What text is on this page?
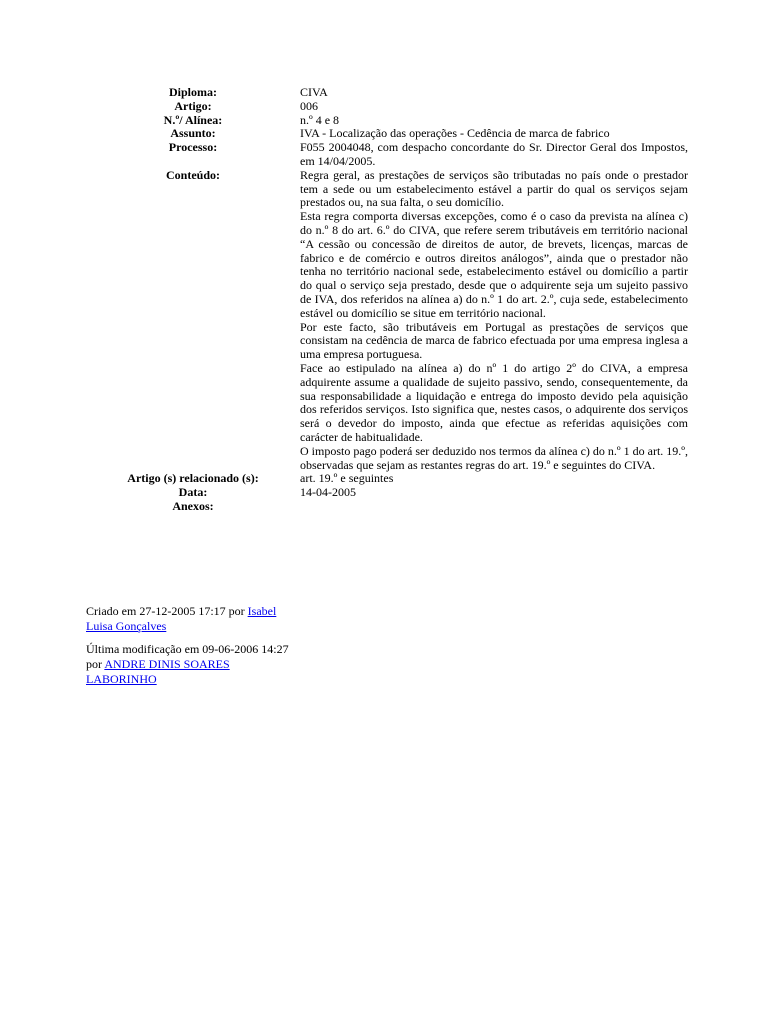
Diploma:	CIVA
Artigo:	006
N.º/ Alínea:	n.º 4 e 8
Assunto:	IVA - Localização das operações - Cedência de marca de fabrico
Processo:	F055 2004048, com despacho concordante do Sr. Director Geral dos Impostos, em 14/04/2005.
Conteúdo:	Regra geral, as prestações de serviços são tributadas no país onde o prestador tem a sede ou um estabelecimento estável a partir do qual os serviços sejam prestados ou, na sua falta, o seu domicílio.
Esta regra comporta diversas excepções, como é o caso da prevista na alínea c) do n.º 8 do art. 6.º do CIVA, que refere serem tributáveis em território nacional “A cessão ou concessão de direitos de autor, de brevets, licenças, marcas de fabrico e de comércio e outros direitos análogos”, ainda que o prestador não tenha no território nacional sede, estabelecimento estável ou domicílio a partir do qual o serviço seja prestado, desde que o adquirente seja um sujeito passivo de IVA, dos referidos na alínea a) do n.º 1 do art. 2.º, cuja sede, estabelecimento estável ou domicílio se situe em território nacional.
Por este facto, são tributáveis em Portugal as prestações de serviços que consistam na cedência de marca de fabrico efectuada por uma empresa inglesa a uma empresa portuguesa.
Face ao estipulado na alínea a) do nº 1 do artigo 2º do CIVA, a empresa adquirente assume a qualidade de sujeito passivo, sendo, consequentemente, da sua responsabilidade a liquidação e entrega do imposto devido pela aquisição dos referidos serviços. Isto significa que, nestes casos, o adquirente dos serviços será o devedor do imposto, ainda que efectue as referidas aquisições com carácter de habitualidade.
O imposto pago poderá ser deduzido nos termos da alínea c) do n.º 1 do art. 19.º, observadas que sejam as restantes regras do art. 19.º e seguintes do CIVA.

Artigo (s) relacionado (s):	art. 19.º e seguintes
Data:	14-04-2005
Anexos:	
Criado em 27-12-2005 17:17 por Isabel Luisa Gonçalves
Última modificação em 09-06-2006 14:27 por ANDRE DINIS SOARES LABORINHO
